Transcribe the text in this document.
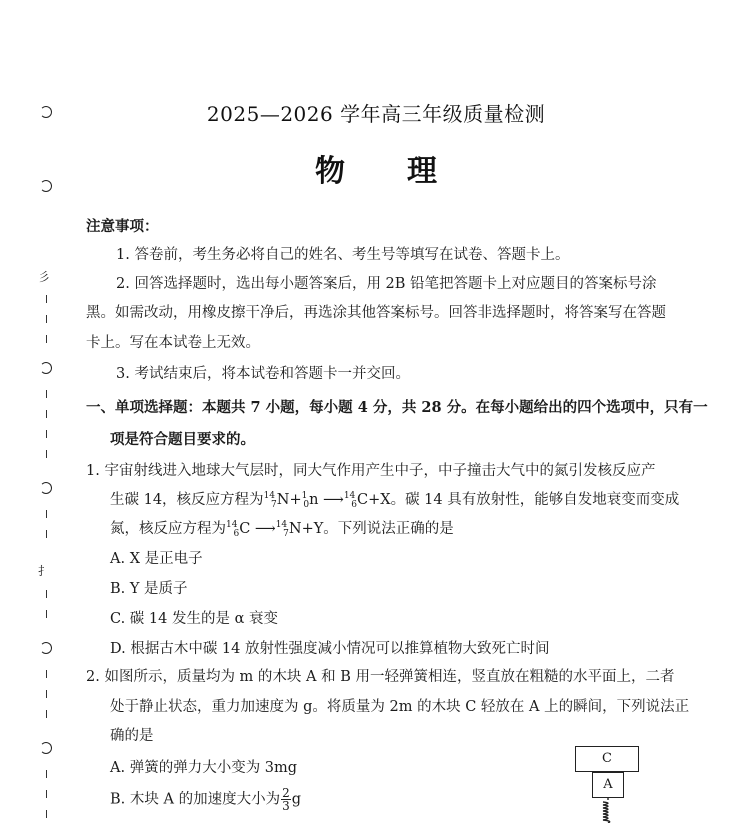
彡
扌
2025—2026 学年高三年级质量检测
物理
注意事项：
1. 答卷前，考生务必将自己的姓名、考生号等填写在试卷、答题卡上。
2. 回答选择题时，选出每小题答案后，用 2B 铅笔把答题卡上对应题目的答案标号涂
黑。如需改动，用橡皮擦干净后，再选涂其他答案标号。回答非选择题时，将答案写在答题
卡上。写在本试卷上无效。
3. 考试结束后，将本试卷和答题卡一并交回。
一、单项选择题：本题共 7 小题，每小题 4 分，共 28 分。在每小题给出的四个选项中，只有一
项是符合题目要求的。
1. 宇宙射线进入地球大气层时，同大气作用产生中子，中子撞击大气中的氮引发核反应产
生碳 14，核反应方程为$^{14}_7$N+$^1_0$n ⟶$^{14}_6$C+X。碳 14 具有放射性，能够自发地衰变而变成
氮，核反应方程为$^{14}_6$C ⟶$^{14}_7$N+Y。下列说法正确的是
A. X 是正电子
B. Y 是质子
C. 碳 14 发生的是 α 衰变
D. 根据古木中碳 14 放射性强度减小情况可以推算植物大致死亡时间
2. 如图所示，质量均为 m 的木块 A 和 B 用一轻弹簧相连，竖直放在粗糙的水平面上，二者
处于静止状态，重力加速度为 g。将质量为 2m 的木块 C 轻放在 A 上的瞬间，下列说法正
确的是
A. 弹簧的弹力大小变为 3mg
B. 木块 A 的加速度大小为 $\frac{2}{3}$ g
C
A
